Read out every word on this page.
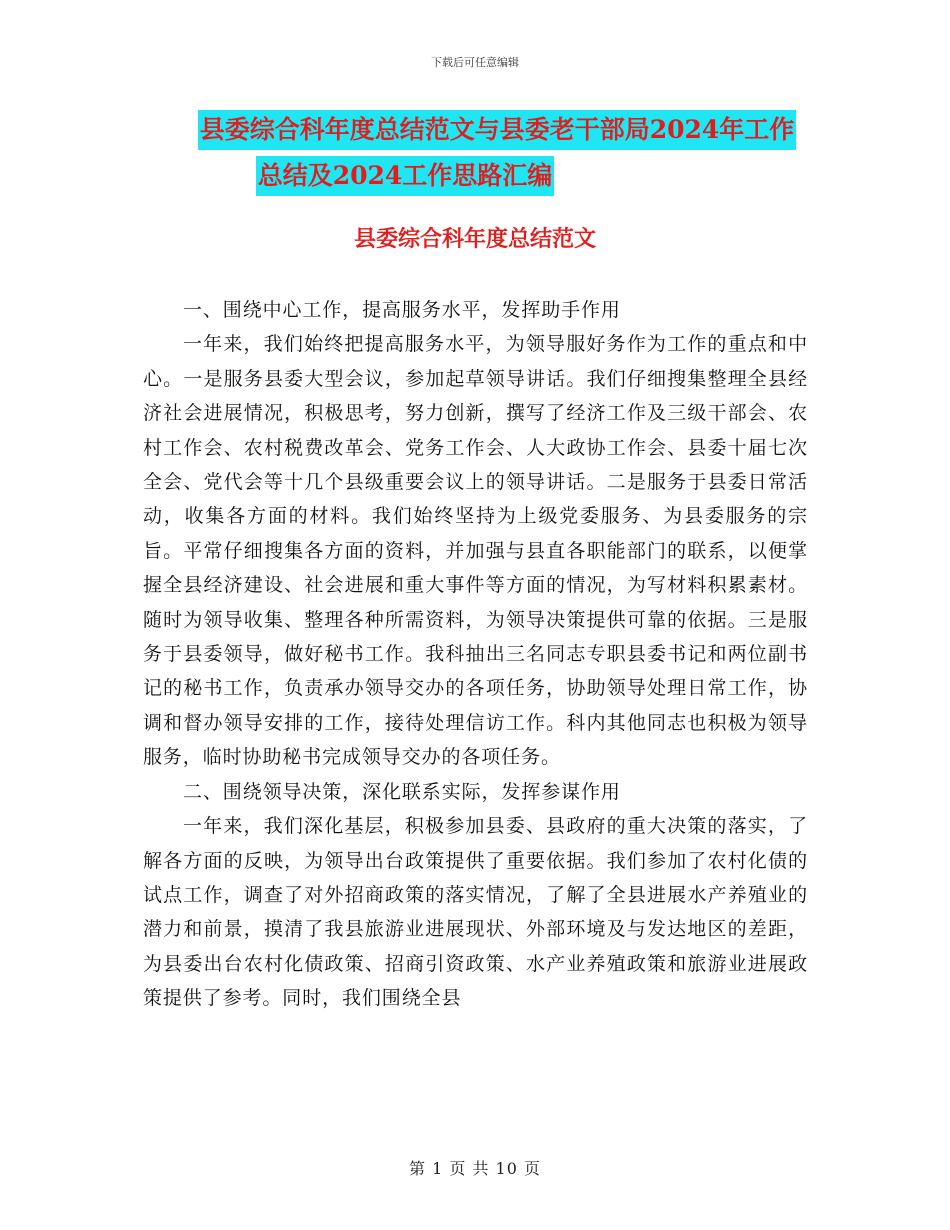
下载后可任意编辑
县委综合科年度总结范文与县委老干部局2024年工作
总结及2024工作思路汇编
县委综合科年度总结范文

一、围绕中心工作，提高服务水平，发挥助手作用

一年来，我们始终把提高服务水平，为领导服好务作为工作的重点和中心。一是服务县委大型会议，参加起草领导讲话。我们仔细搜集整理全县经济社会进展情况，积极思考，努力创新，撰写了经济工作及三级干部会、农村工作会、农村税费改革会、党务工作会、人大政协工作会、县委十届七次全会、党代会等十几个县级重要会议上的领导讲话。二是服务于县委日常活动，收集各方面的材料。我们始终坚持为上级党委服务、为县委服务的宗旨。平常仔细搜集各方面的资料，并加强与县直各职能部门的联系，以便掌握全县经济建设、社会进展和重大事件等方面的情况，为写材料积累素材。随时为领导收集、整理各种所需资料，为领导决策提供可靠的依据。三是服务于县委领导，做好秘书工作。我科抽出三名同志专职县委书记和两位副书记的秘书工作，负责承办领导交办的各项任务，协助领导处理日常工作，协调和督办领导安排的工作，接待处理信访工作。科内其他同志也积极为领导服务，临时协助秘书完成领导交办的各项任务。

二、围绕领导决策，深化联系实际，发挥参谋作用

一年来，我们深化基层，积极参加县委、县政府的重大决策的落实，了解各方面的反映，为领导出台政策提供了重要依据。我们参加了农村化债的试点工作，调查了对外招商政策的落实情况，了解了全县进展水产养殖业的潜力和前景，摸清了我县旅游业进展现状、外部环境及与发达地区的差距，为县委出台农村化债政策、招商引资政策、水产业养殖政策和旅游业进展政策提供了参考。同时，我们围绕全县

第 1 页 共 10 页
